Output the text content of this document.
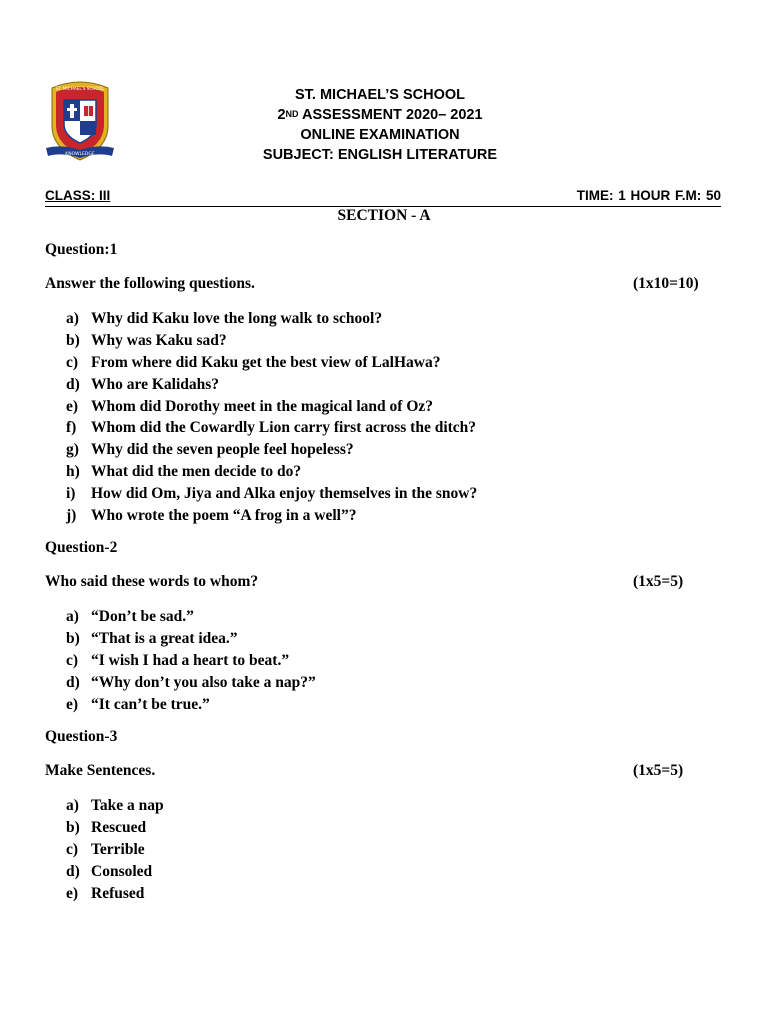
ST. MICHAEL'S SCHOOL
KNOWLEDGE
ST. MICHAEL’S SCHOOL
2ND ASSESSMENT 2020– 2021
ONLINE EXAMINATION
SUBJECT: ENGLISH LITERATURE
CLASS: III	TIME: 1 HOUR F.M: 50
SECTION - A
Question:1
Answer the following questions.	(1x10=10)
a) Why did Kaku love the long walk to school?
b) Why was Kaku sad?
c) From where did Kaku get the best view of LalHawa?
d) Who are Kalidahs?
e) Whom did Dorothy meet in the magical land of Oz?
f) Whom did the Cowardly Lion carry first across the ditch?
g) Why did the seven people feel hopeless?
h) What did the men decide to do?
i) How did Om, Jiya and Alka enjoy themselves in the snow?
j) Who wrote the poem “A frog in a well”?
Question-2
Who said these words to whom?	(1x5=5)
a) “Don’t be sad.”
b) “That is a great idea.”
c) “I wish I had a heart to beat.”
d) “Why don’t you also take a nap?”
e) “It can’t be true.”
Question-3
Make Sentences.	(1x5=5)
a) Take a nap
b) Rescued
c) Terrible
d) Consoled
e) Refused
